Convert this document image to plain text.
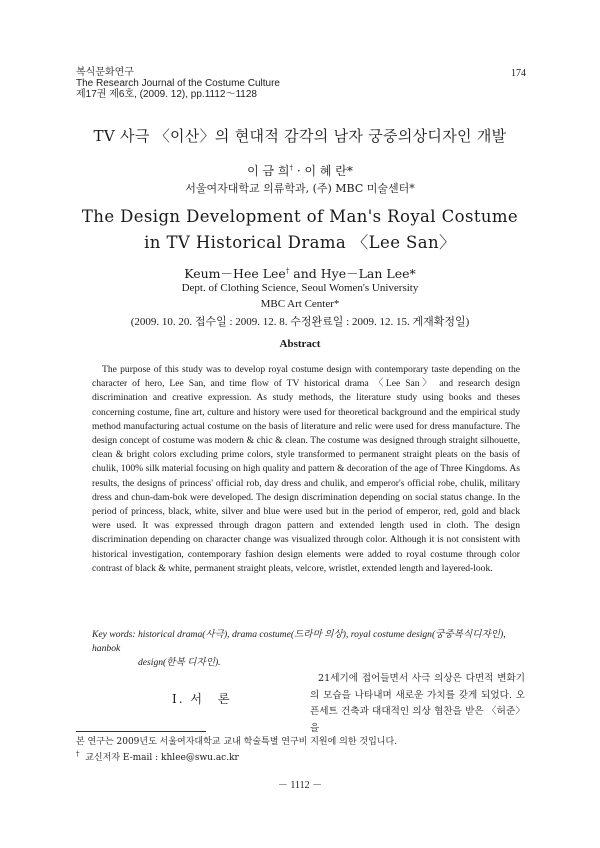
복식문화연구
The Research Journal of the Costume Culture
제17권 제6호, (2009. 12), pp.1112～1128
174
TV 사극 〈이산〉의 현대적 감각의 남자 궁중의상디자인 개발
이 금 희† · 이 혜 란*
서울여자대학교 의류학과, (주) MBC 미술센터*
The Design Development of Man's Royal Costume
in TV Historical Drama 〈Lee San〉
Keum－Hee Lee† and Hye－Lan Lee*
Dept. of Clothing Science, Seoul Women's University
MBC Art Center*
(2009. 10. 20. 접수일 : 2009. 12. 8. 수정완료일 : 2009. 12. 15. 게재확정일)
Abstract
The purpose of this study was to develop royal costume design with contemporary taste depending on the character of hero, Lee San, and time flow of TV historical drama 〈Lee San〉 and research design discrimination and creative expression. As study methods, the literature study using books and theses concerning costume, fine art, culture and history were used for theoretical background and the empirical study method manufacturing actual costume on the basis of literature and relic were used for dress manufacture. The design concept of costume was modern & chic & clean. The costume was designed through straight silhouette, clean & bright colors excluding prime colors, style transformed to permanent straight pleats on the basis of chulik, 100% silk material focusing on high quality and pattern & decoration of the age of Three Kingdoms. As results, the designs of princess' official rob, day dress and chulik, and emperor's official robe, chulik, military dress and chun-dam-bok were developed. The design discrimination depending on social status change. In the period of princess, black, white, silver and blue were used but in the period of emperor, red, gold and black were used. It was expressed through dragon pattern and extended length used in cloth. The design discrimination depending on character change was visualized through color. Although it is not consistent with historical investigation, contemporary fashion design elements were added to royal costume through color contrast of black & white, permanent straight pleats, velcore, wristlet, extended length and layered-look.
Key words: historical drama(사극), drama costume(드라마 의상), royal costume design(궁중복식디자인), hanbok
design(한복 디자인).
Ⅰ. 서　론
21세기에 접어들면서 사극 의상은 다면적 변화기의 모습을 나타내며 새로운 가치를 갖게 되었다. 오픈세트 건축과 대대적인 의상 협찬을 받은 〈허준〉을
본 연구는 2009년도 서울여자대학교 교내 학술특별 연구비 지원에 의한 것입니다.
† 교신저자 E-mail : khlee@swu.ac.kr
－ 1112 －
